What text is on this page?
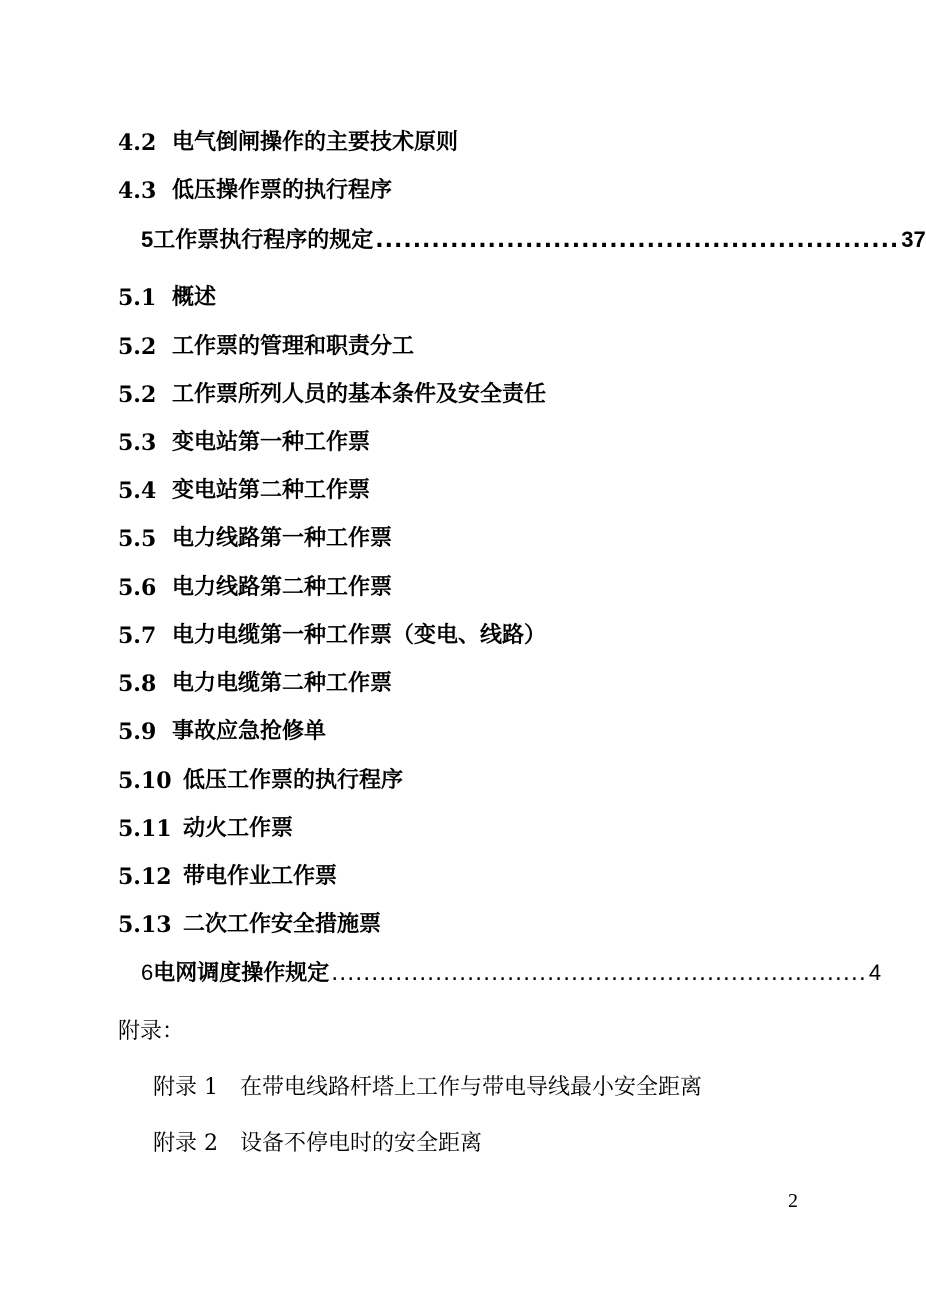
4.2 电气倒闸操作的主要技术原则
4.3 低压操作票的执行程序
5 工作票执行程序的规定 ........................................................ 37
5.1 概述
5.2 工作票的管理和职责分工
5.2 工作票所列人员的基本条件及安全责任
5.3 变电站第一种工作票
5.4 变电站第二种工作票
5.5 电力线路第一种工作票
5.6 电力线路第二种工作票
5.7 电力电缆第一种工作票（变电、线路）
5.8 电力电缆第二种工作票
5.9 事故应急抢修单
5.10 低压工作票的执行程序
5.11 动火工作票
5.12 带电作业工作票
5.13 二次工作安全措施票
6 电网调度操作规定 ................................................................... 4
附录：
附录 1 在带电线路杆塔上工作与带电导线最小安全距离
附录 2 设备不停电时的安全距离
2
